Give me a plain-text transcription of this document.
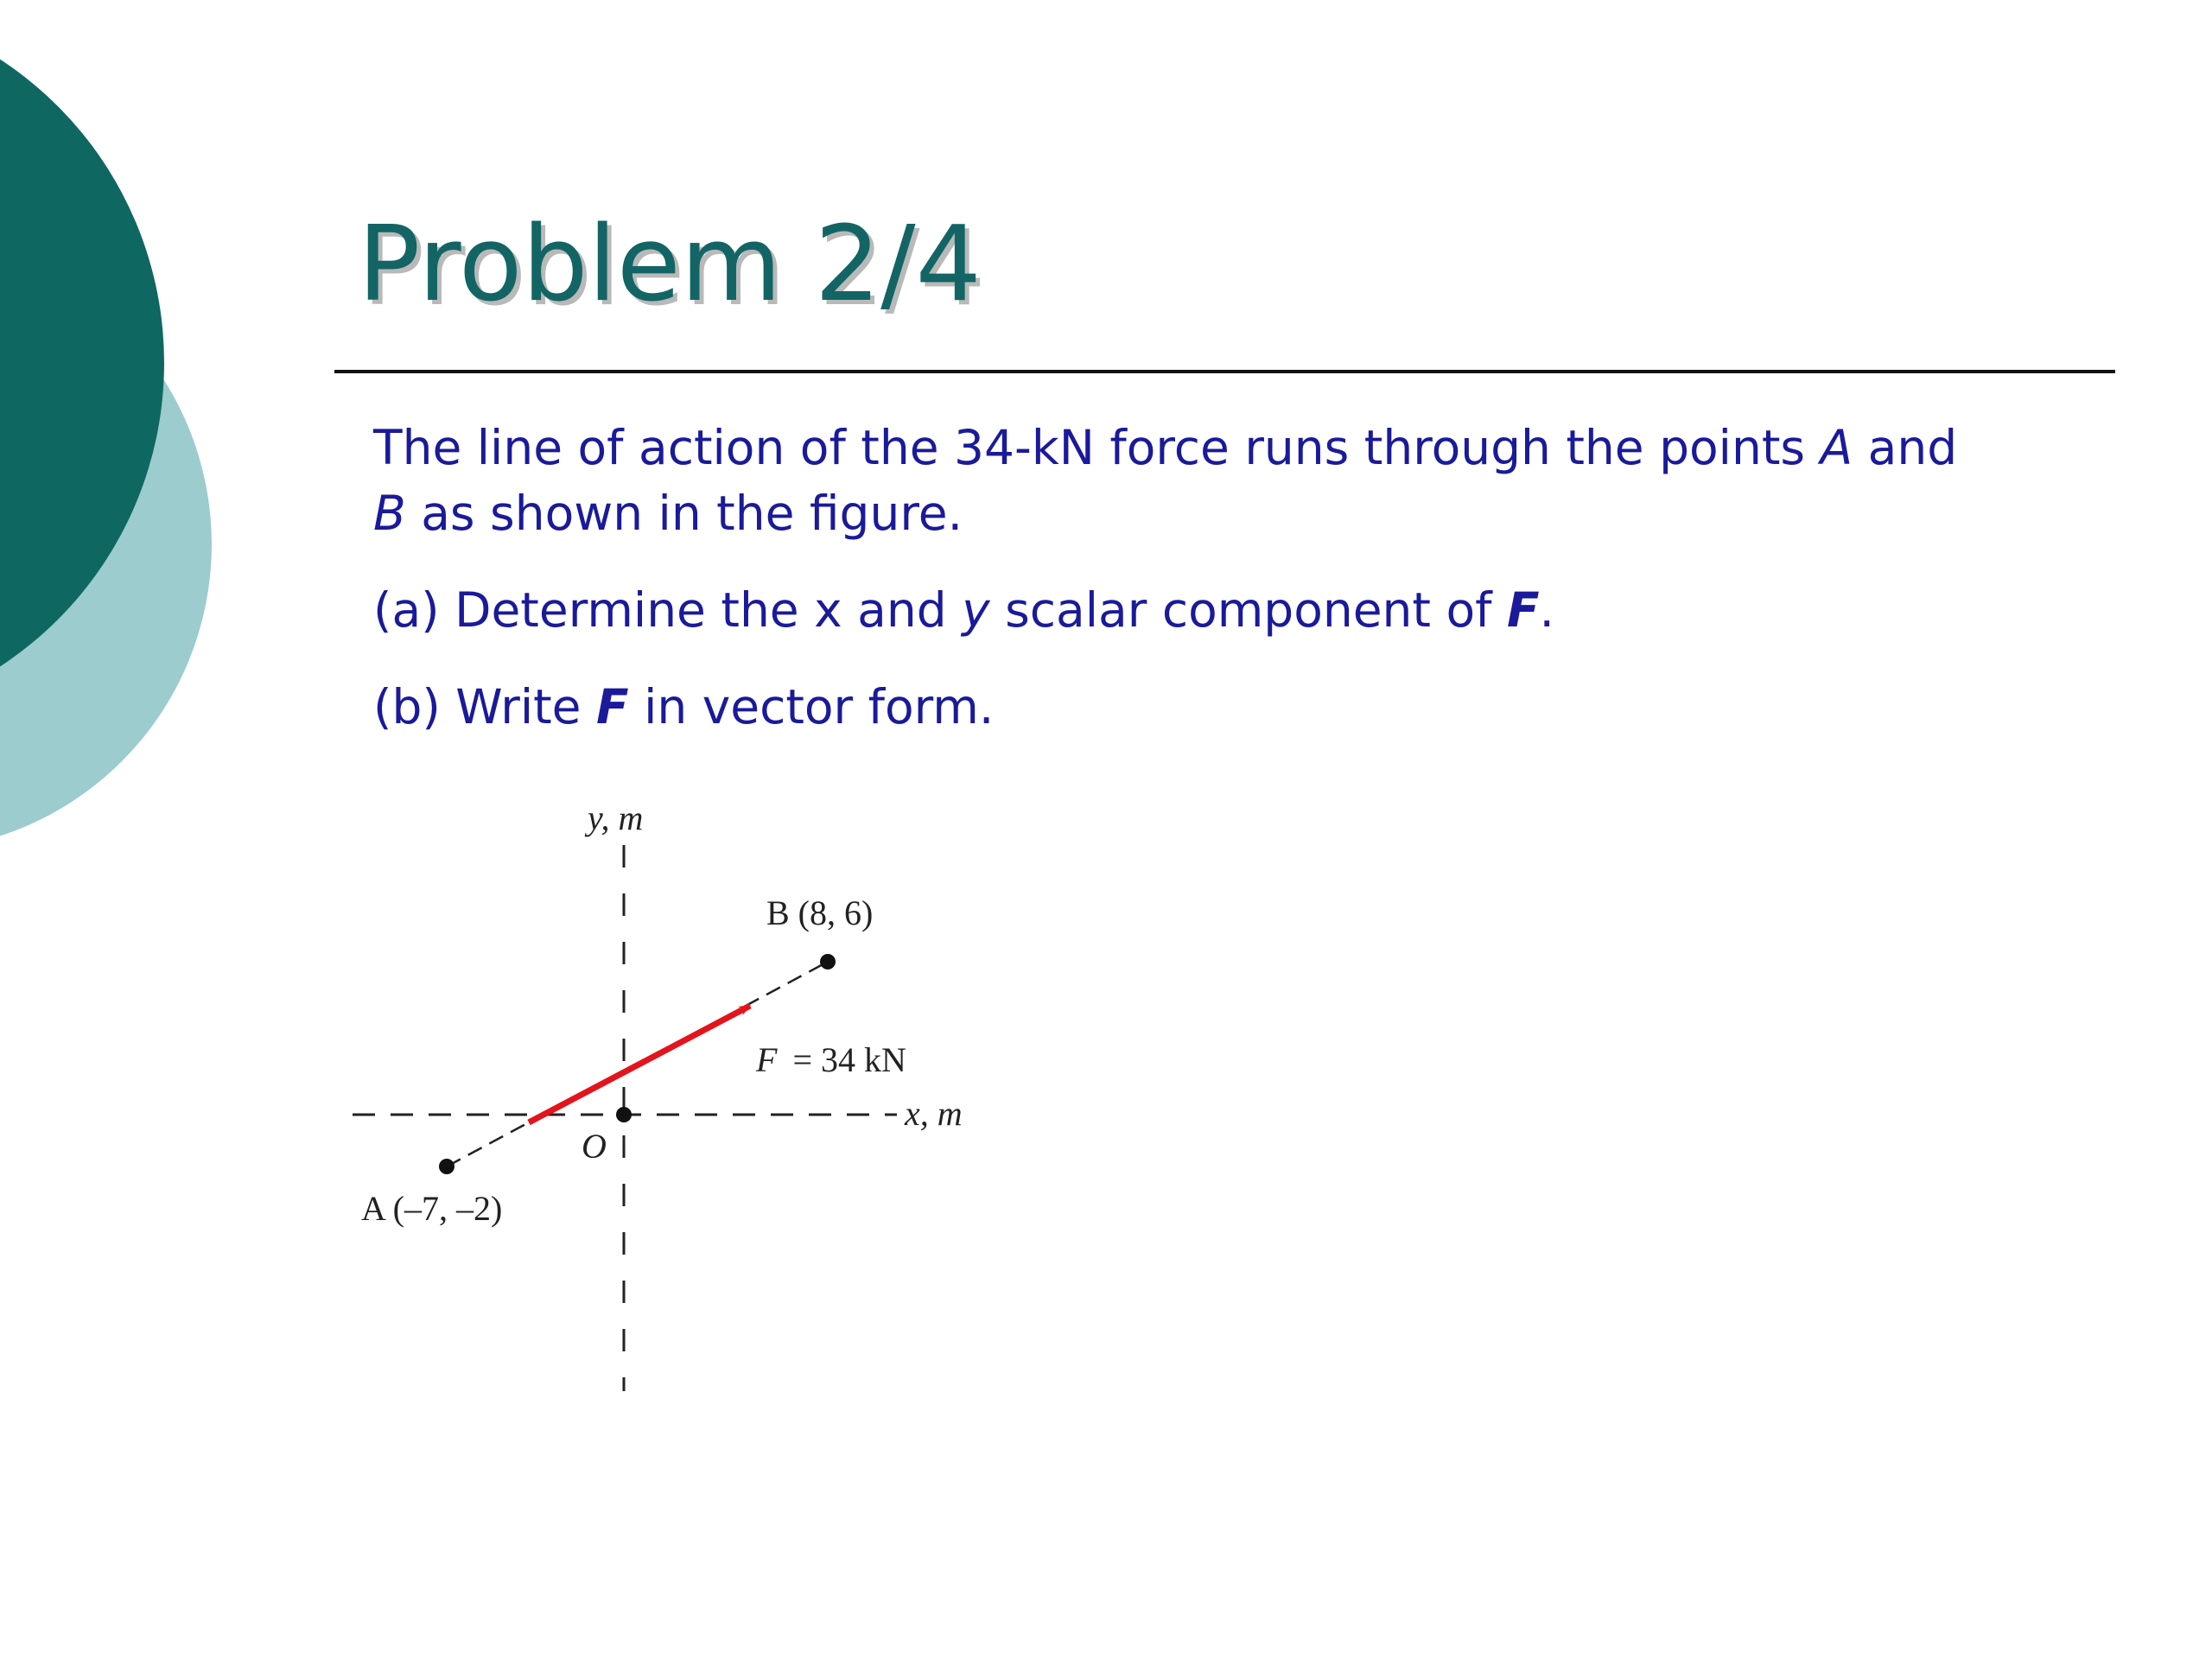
Problem 2/4

The line of action of the 34-kN force runs through the points A and
B as shown in the figure.

(a) Determine the x and y scalar component of F.

(b) Write F in vector form.

y, m
x, m
O
B (8, 6)
A (–7, –2)
F = 34 kN
